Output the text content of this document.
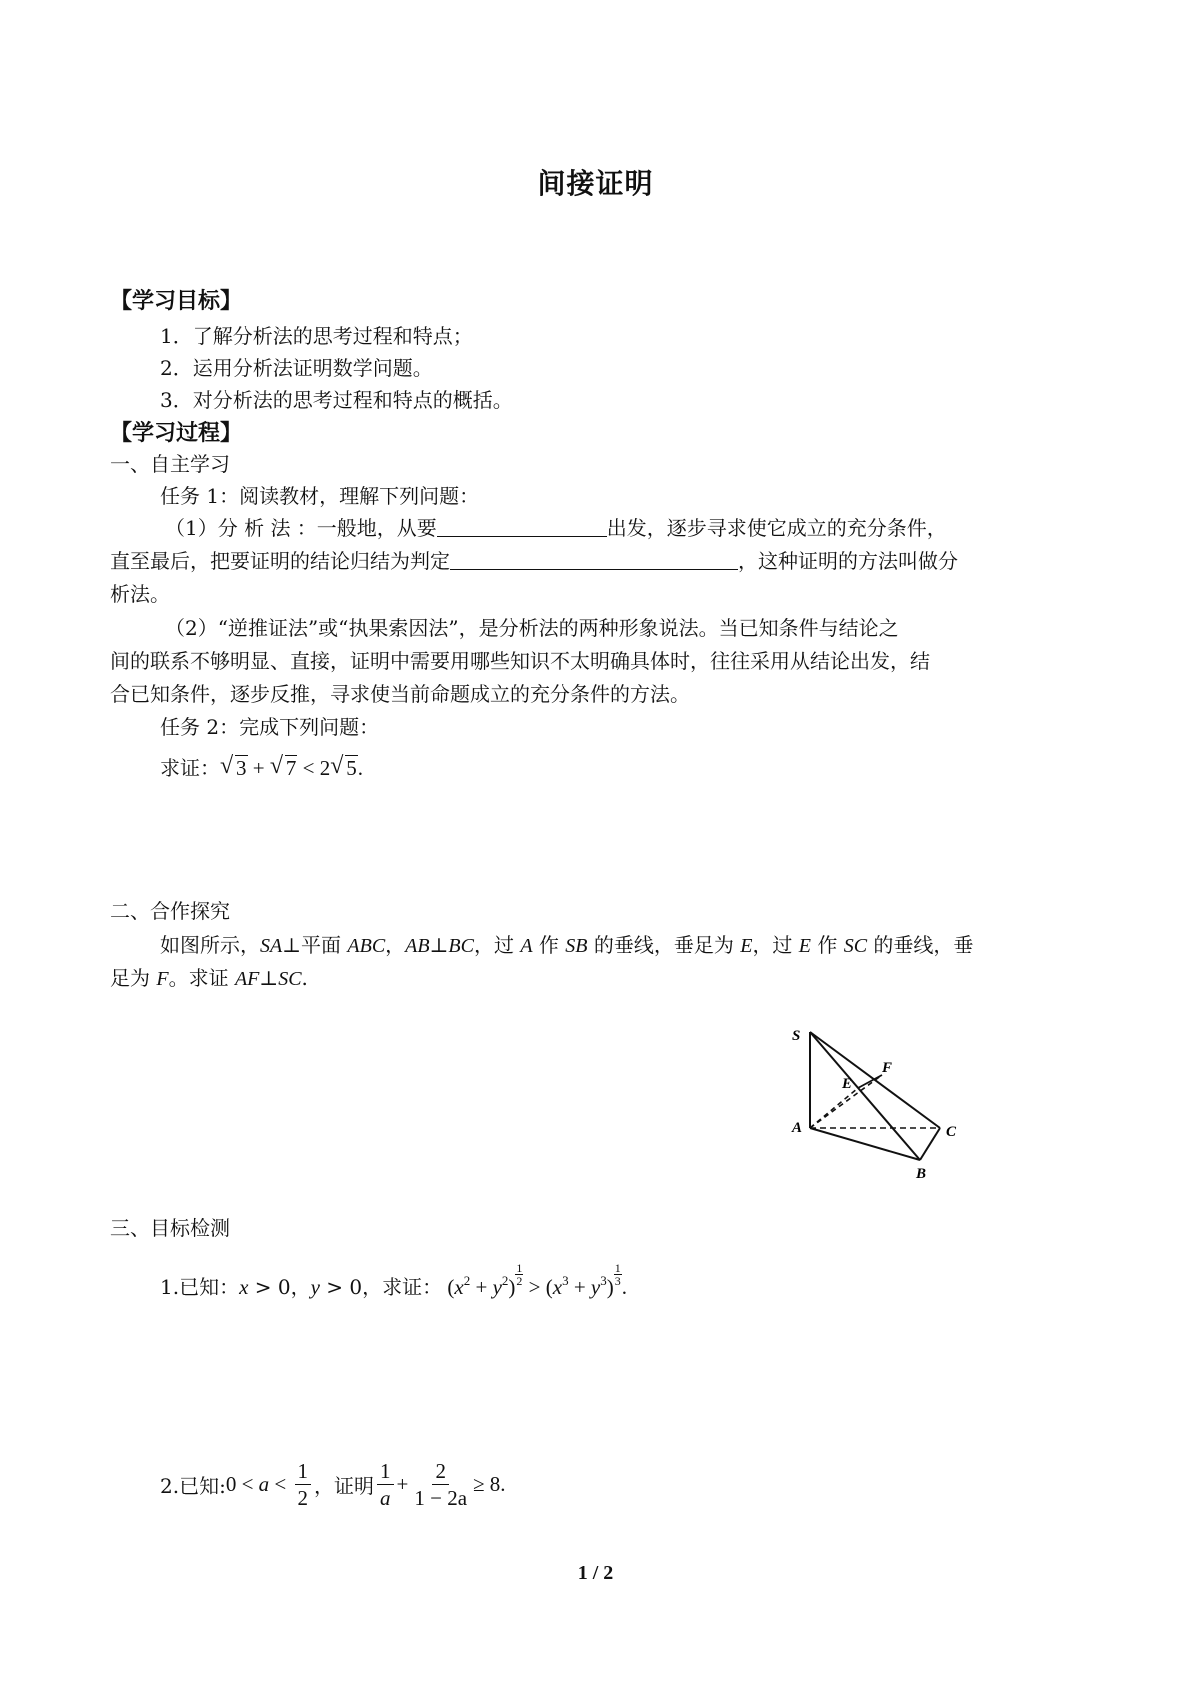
间接证明
【学习目标】
1．了解分析法的思考过程和特点；
2．运用分析法证明数学问题。
3．对分析法的思考过程和特点的概括。
【学习过程】
一、自主学习
任务 1：阅读教材，理解下列问题：
（1）分 析 法 ：一般地，从要	出发，逐步寻求使它成立的充分条件，
直至最后，把要证明的结论归结为判定	，这种证明的方法叫做分
析法。
（2）“逆推证法”或“执果索因法”，是分析法的两种形象说法。当已知条件与结论之
间的联系不够明显、直接，证明中需要用哪些知识不太明确具体时，往往采用从结论出发，结
合已知条件，逐步反推，寻求使当前命题成立的充分条件的方法。
任务 2：完成下列问题：
求证： √ 3 + √ 7 < 2 √ 5.
二、合作探究
如图所示，SA⊥平面 ABC，AB⊥BC，过 A 作 SB 的垂线，垂足为 E，过 E 作 SC 的垂线，垂
足为 F。求证 AF⊥SC.
S
A
B
C
E
F
三、目标检测
1.已知：x > 0，y > 0，求证： $(x^2 + y^2) \frac{1}{2} > (x^3 + y^3) \frac{1}{3}$ .
2.已知:0 < $a < \frac{1}{2}$ ，证明 $\frac{1}{a} + \frac{2}{1 - 2a} \ge 8$.
1 / 2
